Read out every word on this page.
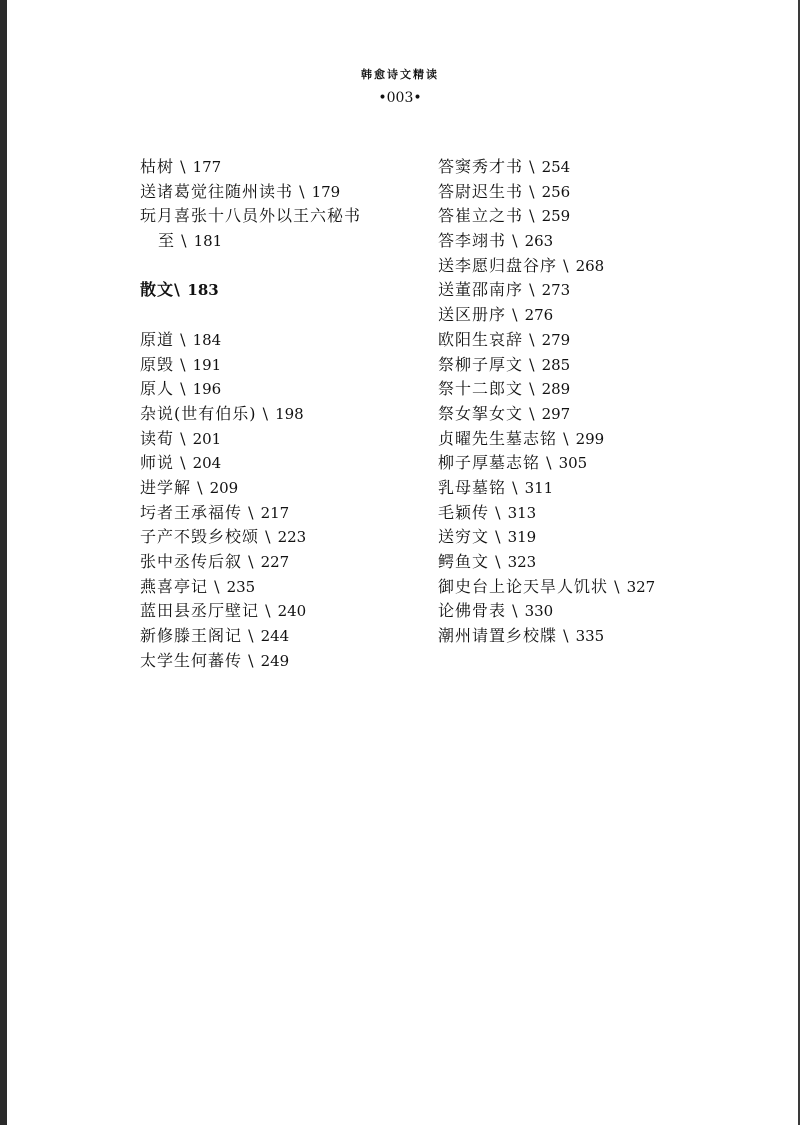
韩愈诗文精读
•003•
枯树 \ 177
送诸葛觉往随州读书 \ 179
玩月喜张十八员外以王六秘书
至 \ 181
散文\ 183
原道 \ 184
原毁 \ 191
原人 \ 196
杂说(世有伯乐) \ 198
读荀 \ 201
师说 \ 204
进学解 \ 209
圬者王承福传 \ 217
子产不毁乡校颂 \ 223
张中丞传后叙 \ 227
燕喜亭记 \ 235
蓝田县丞厅壁记 \ 240
新修滕王阁记 \ 244
太学生何蕃传 \ 249
答窦秀才书 \ 254
答尉迟生书 \ 256
答崔立之书 \ 259
答李翊书 \ 263
送李愿归盘谷序 \ 268
送董邵南序 \ 273
送区册序 \ 276
欧阳生哀辞 \ 279
祭柳子厚文 \ 285
祭十二郎文 \ 289
祭女挐女文 \ 297
贞曜先生墓志铭 \ 299
柳子厚墓志铭 \ 305
乳母墓铭 \ 311
毛颖传 \ 313
送穷文 \ 319
鳄鱼文 \ 323
御史台上论天旱人饥状 \ 327
论佛骨表 \ 330
潮州请置乡校牒 \ 335
